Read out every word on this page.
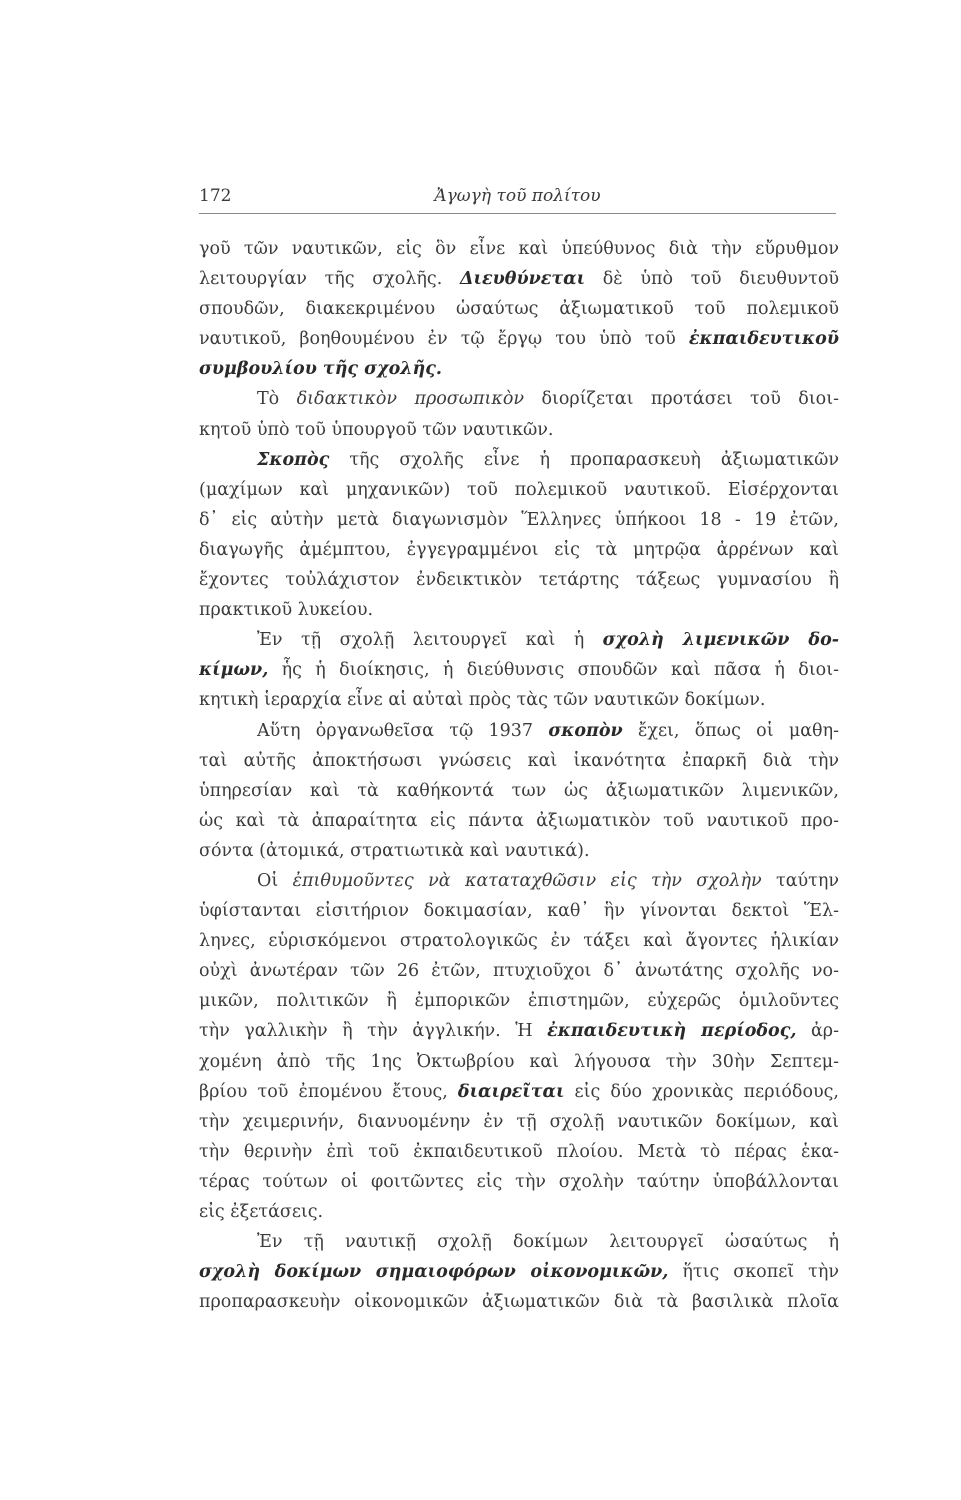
172	Ἀγωγὴ τοῦ πολίτου
γοῦ τῶν ναυτικῶν, εἰς ὃν εἶνε καὶ ὑπεύθυνος διὰ τὴν εὔρυθμον
λειτουργίαν τῆς σχολῆς. Διευθύνεται δὲ ὑπὸ τοῦ διευθυντοῦ
σπουδῶν, διακεκριμένου ὡσαύτως ἀξιωματικοῦ τοῦ πολεμικοῦ
ναυτικοῦ, βοηθουμένου ἐν τῷ ἔργῳ του ὑπὸ τοῦ ἐκπαιδευτικοῦ
συμβουλίου τῆς σχολῆς.
Τὸ διδακτικὸν προσωπικὸν διορίζεται προτάσει τοῦ διοι-
κητοῦ ὑπὸ τοῦ ὑπουργοῦ τῶν ναυτικῶν.
Σκοπὸς τῆς σχολῆς εἶνε ἡ προπαρασκευὴ ἀξιωματικῶν
(μαχίμων καὶ μηχανικῶν) τοῦ πολεμικοῦ ναυτικοῦ. Εἰσέρχονται
δ᾽ εἰς αὐτὴν μετὰ διαγωνισμὸν Ἕλληνες ὑπήκοοι 18 - 19 ἐτῶν,
διαγωγῆς ἀμέμπτου, ἐγγεγραμμένοι εἰς τὰ μητρῷα ἀρρένων καὶ
ἔχοντες τοὐλάχιστον ἐνδεικτικὸν τετάρτης τάξεως γυμνασίου ἢ
πρακτικοῦ λυκείου.
Ἐν τῇ σχολῇ λειτουργεῖ καὶ ἡ σχολὴ λιμενικῶν δο-
κίμων, ἧς ἡ διοίκησις, ἡ διεύθυνσις σπουδῶν καὶ πᾶσα ἡ διοι-
κητικὴ ἱεραρχία εἶνε αἱ αὐταὶ πρὸς τὰς τῶν ναυτικῶν δοκίμων.
Αὕτη ὀργανωθεῖσα τῷ 1937 σκοπὸν ἔχει, ὅπως οἱ μαθη-
ταὶ αὐτῆς ἀποκτήσωσι γνώσεις καὶ ἱκανότητα ἐπαρκῆ διὰ τὴν
ὑπηρεσίαν καὶ τὰ καθήκοντά των ὡς ἀξιωματικῶν λιμενικῶν,
ὡς καὶ τὰ ἀπαραίτητα εἰς πάντα ἀξιωματικὸν τοῦ ναυτικοῦ προ-
σόντα (ἀτομικά, στρατιωτικὰ καὶ ναυτικά).
Οἱ ἐπιθυμοῦντες νὰ καταταχθῶσιν εἰς τὴν σχολὴν ταύτην
ὑφίστανται εἰσιτήριον δοκιμασίαν, καθ᾽ ἣν γίνονται δεκτοὶ Ἕλ-
ληνες, εὑρισκόμενοι στρατολογικῶς ἐν τάξει καὶ ἄγοντες ἡλικίαν
οὐχὶ ἀνωτέραν τῶν 26 ἐτῶν, πτυχιοῦχοι δ᾽ ἀνωτάτης σχολῆς νο-
μικῶν, πολιτικῶν ἢ ἐμπορικῶν ἐπιστημῶν, εὐχερῶς ὁμιλοῦντες
τὴν γαλλικὴν ἢ τὴν ἀγγλικήν. Ἡ ἐκπαιδευτικὴ περίοδος, ἀρ-
χομένη ἀπὸ τῆς 1ης Ὀκτωβρίου καὶ λήγουσα τὴν 30ὴν Σεπτεμ-
βρίου τοῦ ἐπομένου ἔτους, διαιρεῖται εἰς δύο χρονικὰς περιόδους,
τὴν χειμερινήν, διανυομένην ἐν τῇ σχολῇ ναυτικῶν δοκίμων, καὶ
τὴν θερινὴν ἐπὶ τοῦ ἐκπαιδευτικοῦ πλοίου. Μετὰ τὸ πέρας ἑκα-
τέρας τούτων οἱ φοιτῶντες εἰς τὴν σχολὴν ταύτην ὑποβάλλονται
εἰς ἐξετάσεις.
Ἐν τῇ ναυτικῇ σχολῇ δοκίμων λειτουργεῖ ὡσαύτως ἡ
σχολὴ δοκίμων σημαιοφόρων οἰκονομικῶν, ἥτις σκοπεῖ τὴν
προπαρασκευὴν οἰκονομικῶν ἀξιωματικῶν διὰ τὰ βασιλικὰ πλοῖα
